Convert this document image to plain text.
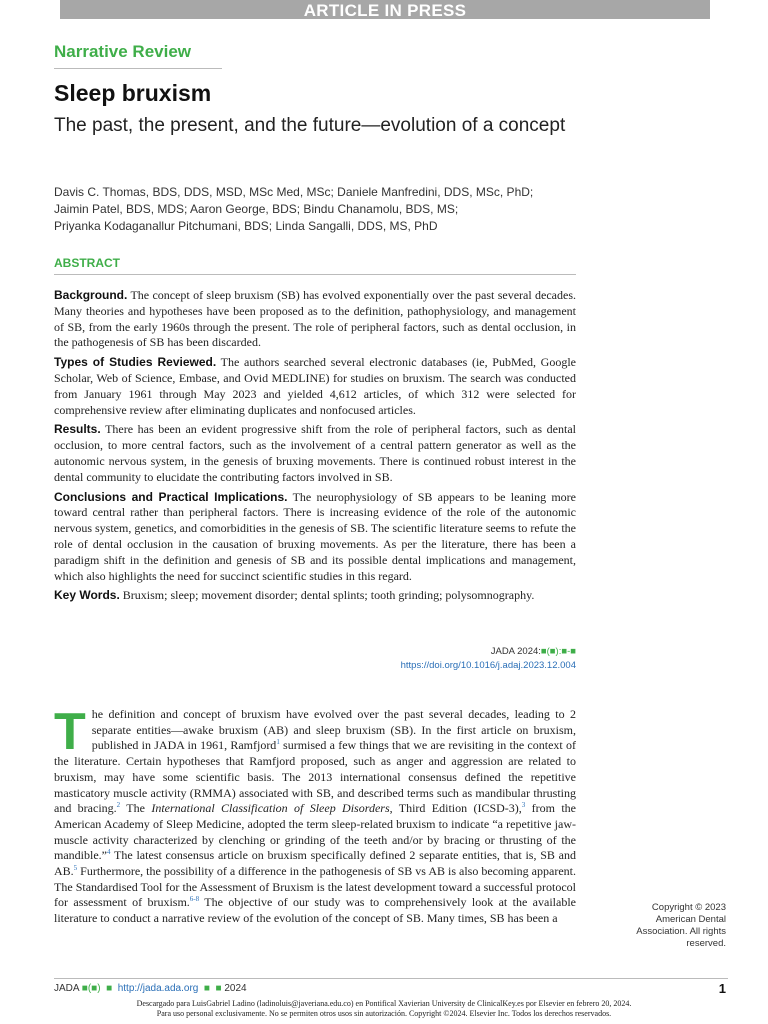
ARTICLE IN PRESS
Narrative Review
Sleep bruxism
The past, the present, and the future—evolution of a concept
Davis C. Thomas, BDS, DDS, MSD, MSc Med, MSc; Daniele Manfredini, DDS, MSc, PhD;
Jaimin Patel, BDS, MDS; Aaron George, BDS; Bindu Chanamolu, BDS, MS;
Priyanka Kodaganallur Pitchumani, BDS; Linda Sangalli, DDS, MS, PhD
ABSTRACT

Background. The concept of sleep bruxism (SB) has evolved exponentially over the past several decades. Many theories and hypotheses have been proposed as to the definition, pathophysiology, and management of SB, from the early 1960s through the present. The role of peripheral factors, such as dental occlusion, in the pathogenesis of SB has been discarded.

Types of Studies Reviewed. The authors searched several electronic databases (ie, PubMed, Google Scholar, Web of Science, Embase, and Ovid MEDLINE) for studies on bruxism. The search was conducted from January 1961 through May 2023 and yielded 4,612 articles, of which 312 were selected for comprehensive review after eliminating duplicates and nonfocused articles.

Results. There has been an evident progressive shift from the role of peripheral factors, such as dental occlusion, to more central factors, such as the involvement of a central pattern generator as well as the autonomic nervous system, in the genesis of bruxing movements. There is continued robust interest in the dental community to elucidate the contributing factors involved in SB.

Conclusions and Practical Implications. The neurophysiology of SB appears to be leaning more toward central rather than peripheral factors. There is increasing evidence of the role of the autonomic nervous system, genetics, and comorbidities in the genesis of SB. The scientific literature seems to refute the role of dental occlusion in the causation of bruxing movements. As per the literature, there has been a paradigm shift in the definition and genesis of SB and its possible dental implications and management, which also highlights the need for succinct scientific studies in this regard.

Key Words. Bruxism; sleep; movement disorder; dental splints; tooth grinding; polysomnography.

JADA 2024:■(■):■-■
https://doi.org/10.1016/j.adaj.2023.12.004
T he definition and concept of bruxism have evolved over the past several decades, leading to 2 separate entities—awake bruxism (AB) and sleep bruxism (SB). In the first article on bruxism, published in JADA in 1961, Ramfjord$^1$ surmised a few things that we are revisiting in the context of the literature. Certain hypotheses that Ramfjord proposed, such as anger and aggression are related to bruxism, may have some scientific basis. The 2013 international consensus defined the repetitive masticatory muscle activity (RMMA) associated with SB, and described terms such as mandibular thrusting and bracing.$^2$ The International Classification of Sleep Disorders, Third Edition (ICSD-3),$^3$ from the American Academy of Sleep Medicine, adopted the term sleep-related bruxism to indicate “a repetitive jaw-muscle activity characterized by clenching or grinding of the teeth and/or by bracing or thrusting of the mandible.”$^4$ The latest consensus article on bruxism specifically defined 2 separate entities, that is, SB and AB.$^5$ Furthermore, the possibility of a difference in the pathogenesis of SB vs AB is also becoming apparent. The Standardised Tool for the Assessment of Bruxism is the latest development toward a successful protocol for assessment of bruxism.$^{6-8}$ The objective of our study was to comprehensively look at the available literature to conduct a narrative review of the evolution of the concept of SB. Many times, SB has been a
Copyright © 2023
American Dental
Association. All rights
reserved.
JADA ■(■) ■ http://jada.ada.org ■ ■ 2024	1
Descargado para LuisGabriel Ladino (ladinoluis@javeriana.edu.co) en Pontifical Xavierian University de ClinicalKey.es por Elsevier en febrero 20, 2024.
Para uso personal exclusivamente. No se permiten otros usos sin autorización. Copyright ©2024. Elsevier Inc. Todos los derechos reservados.
